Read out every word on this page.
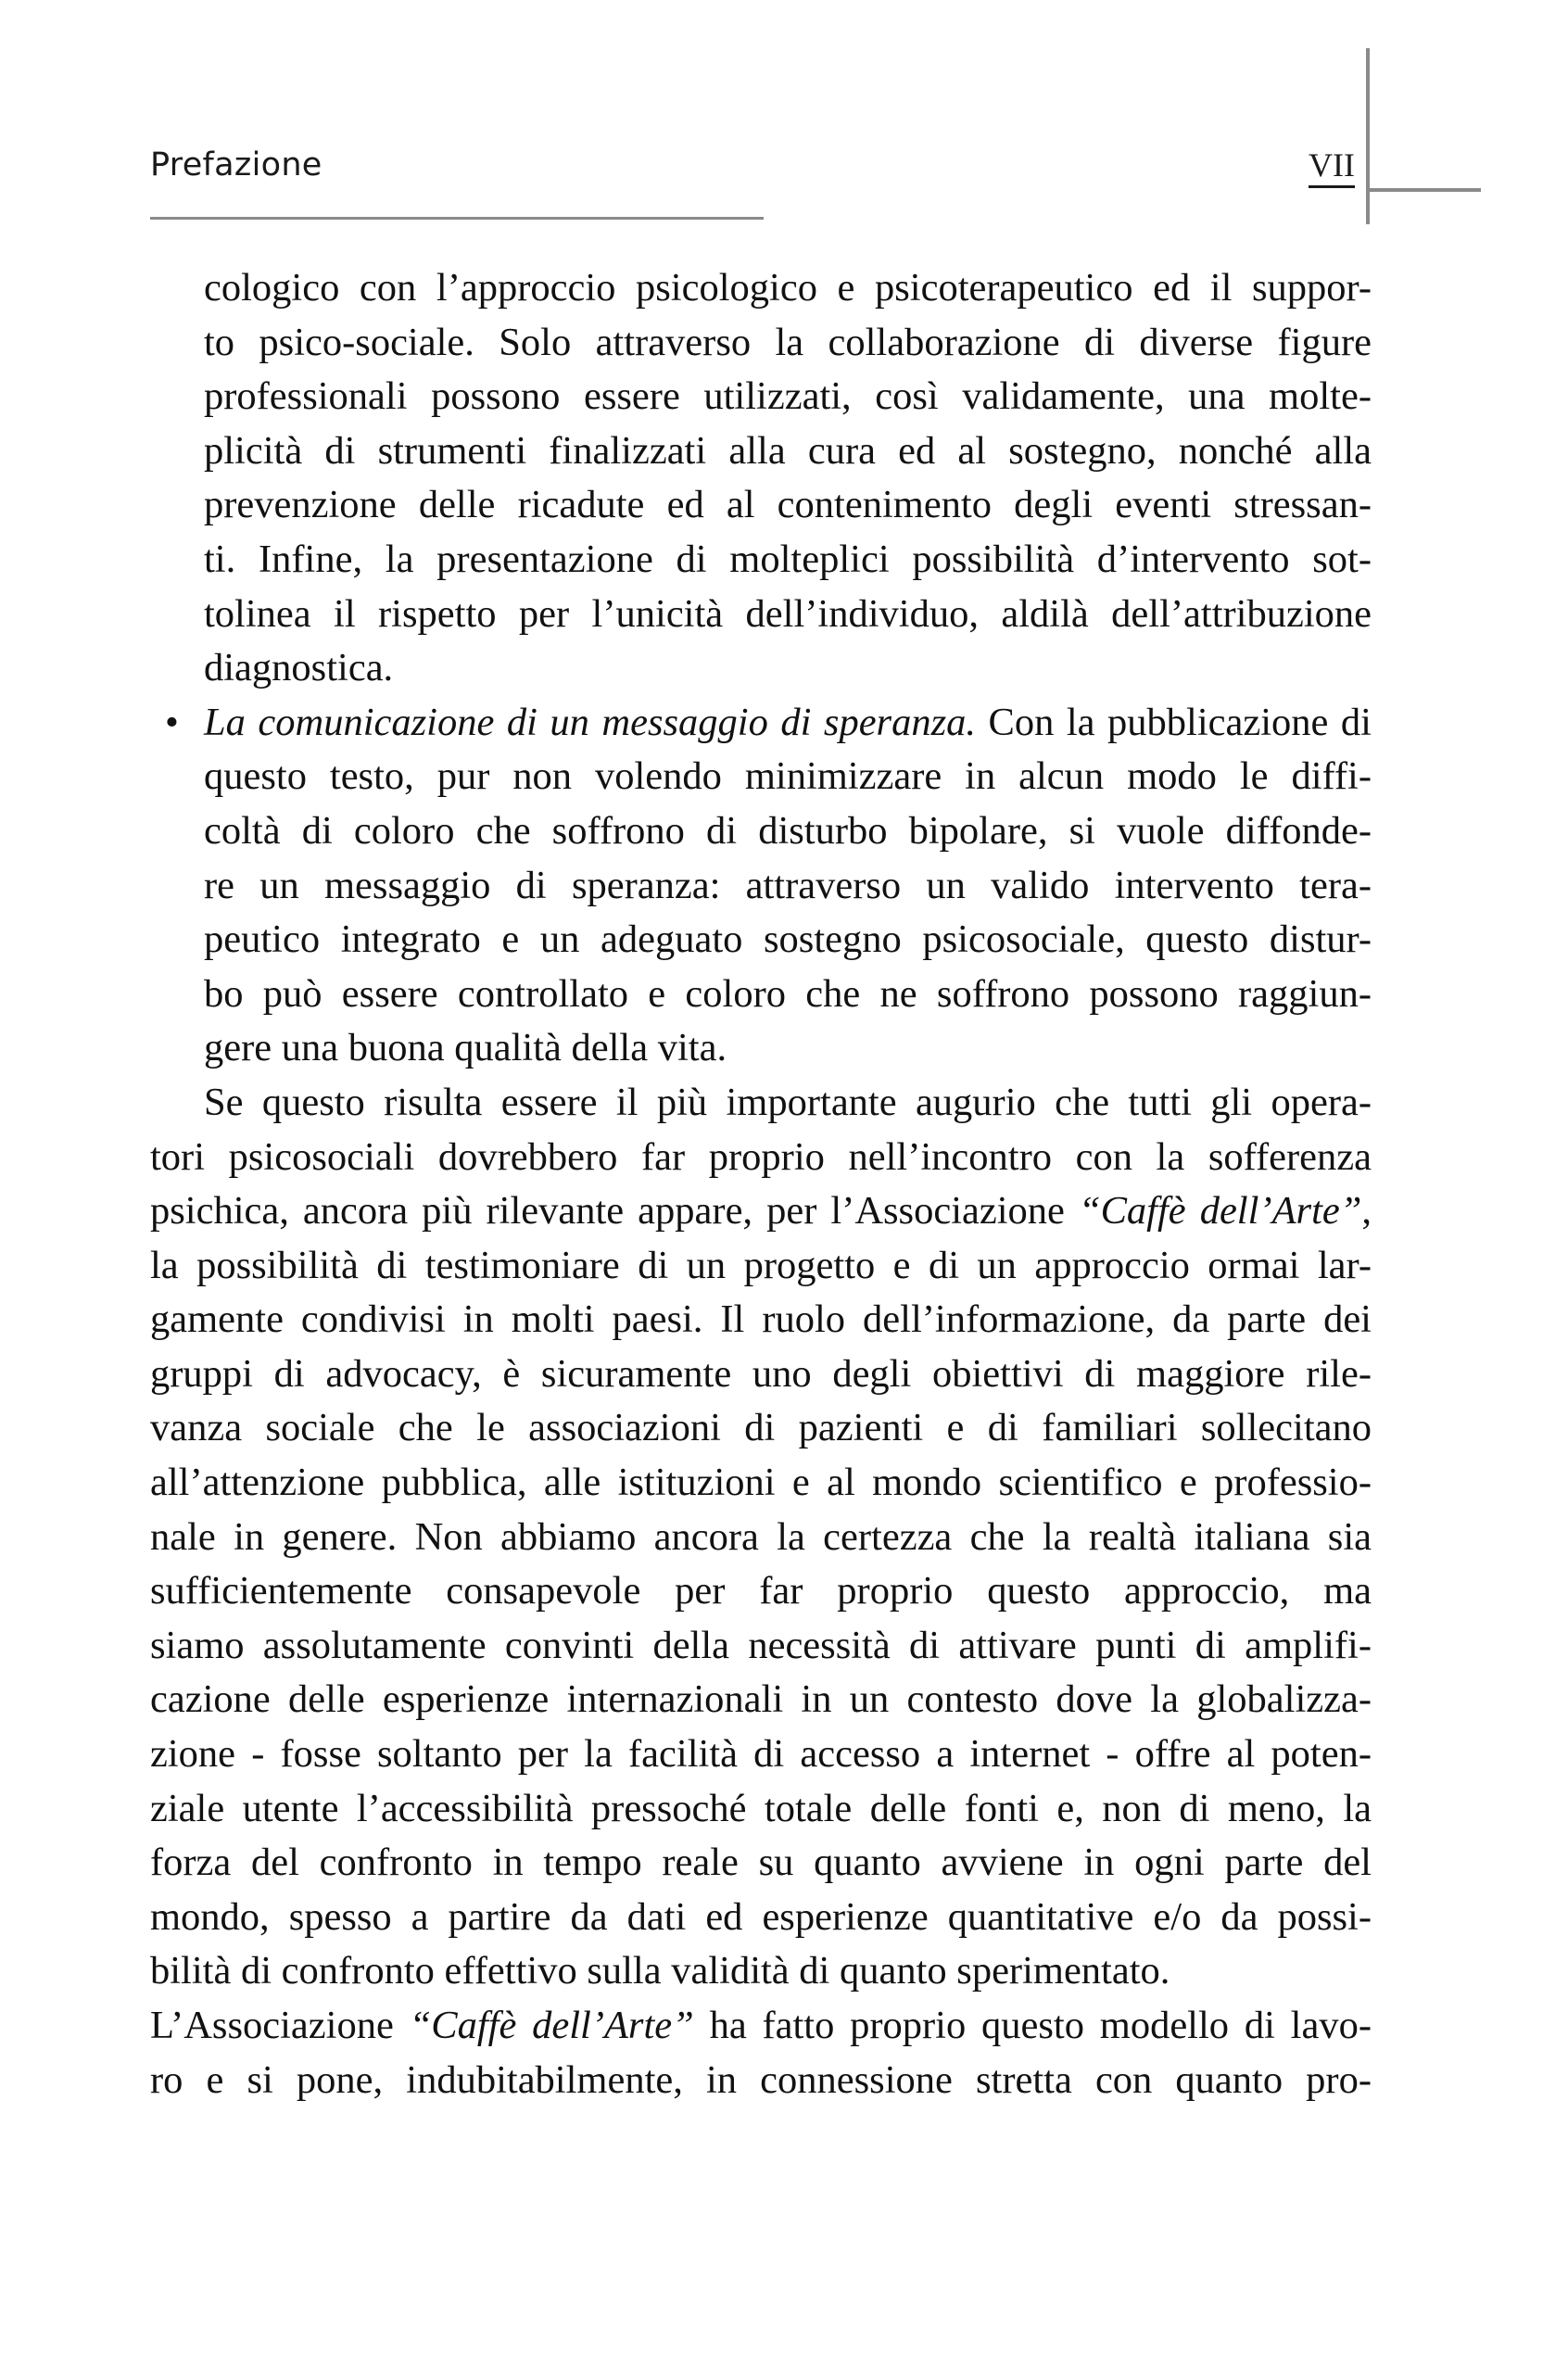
Prefazione	VII
cologico con l’approccio psicologico e psicoterapeutico ed il suppor-
to psico-sociale. Solo attraverso la collaborazione di diverse figure
professionali possono essere utilizzati, così validamente, una molte-
plicità di strumenti finalizzati alla cura ed al sostegno, nonché alla
prevenzione delle ricadute ed al contenimento degli eventi stressan-
ti. Infine, la presentazione di molteplici possibilità d’intervento sot-
tolinea il rispetto per l’unicità dell’individuo, aldilà dell’attribuzione
diagnostica.
• La comunicazione di un messaggio di speranza. Con la pubblicazione di
questo testo, pur non volendo minimizzare in alcun modo le diffi-
coltà di coloro che soffrono di disturbo bipolare, si vuole diffonde-
re un messaggio di speranza: attraverso un valido intervento tera-
peutico integrato e un adeguato sostegno psicosociale, questo distur-
bo può essere controllato e coloro che ne soffrono possono raggiun-
gere una buona qualità della vita.
Se questo risulta essere il più importante augurio che tutti gli opera-
tori psicosociali dovrebbero far proprio nell’incontro con la sofferenza
psichica, ancora più rilevante appare, per l’Associazione “Caffè dell’Arte”,
la possibilità di testimoniare di un progetto e di un approccio ormai lar-
gamente condivisi in molti paesi. Il ruolo dell’informazione, da parte dei
gruppi di advocacy, è sicuramente uno degli obiettivi di maggiore rile-
vanza sociale che le associazioni di pazienti e di familiari sollecitano
all’attenzione pubblica, alle istituzioni e al mondo scientifico e professio-
nale in genere. Non abbiamo ancora la certezza che la realtà italiana sia
sufficientemente consapevole per far proprio questo approccio, ma
siamo assolutamente convinti della necessità di attivare punti di amplifi-
cazione delle esperienze internazionali in un contesto dove la globalizza-
zione - fosse soltanto per la facilità di accesso a internet - offre al poten-
ziale utente l’accessibilità pressoché totale delle fonti e, non di meno, la
forza del confronto in tempo reale su quanto avviene in ogni parte del
mondo, spesso a partire da dati ed esperienze quantitative e/o da possi-
bilità di confronto effettivo sulla validità di quanto sperimentato.
L’Associazione “Caffè dell’Arte” ha fatto proprio questo modello di lavo-
ro e si pone, indubitabilmente, in connessione stretta con quanto pro-
